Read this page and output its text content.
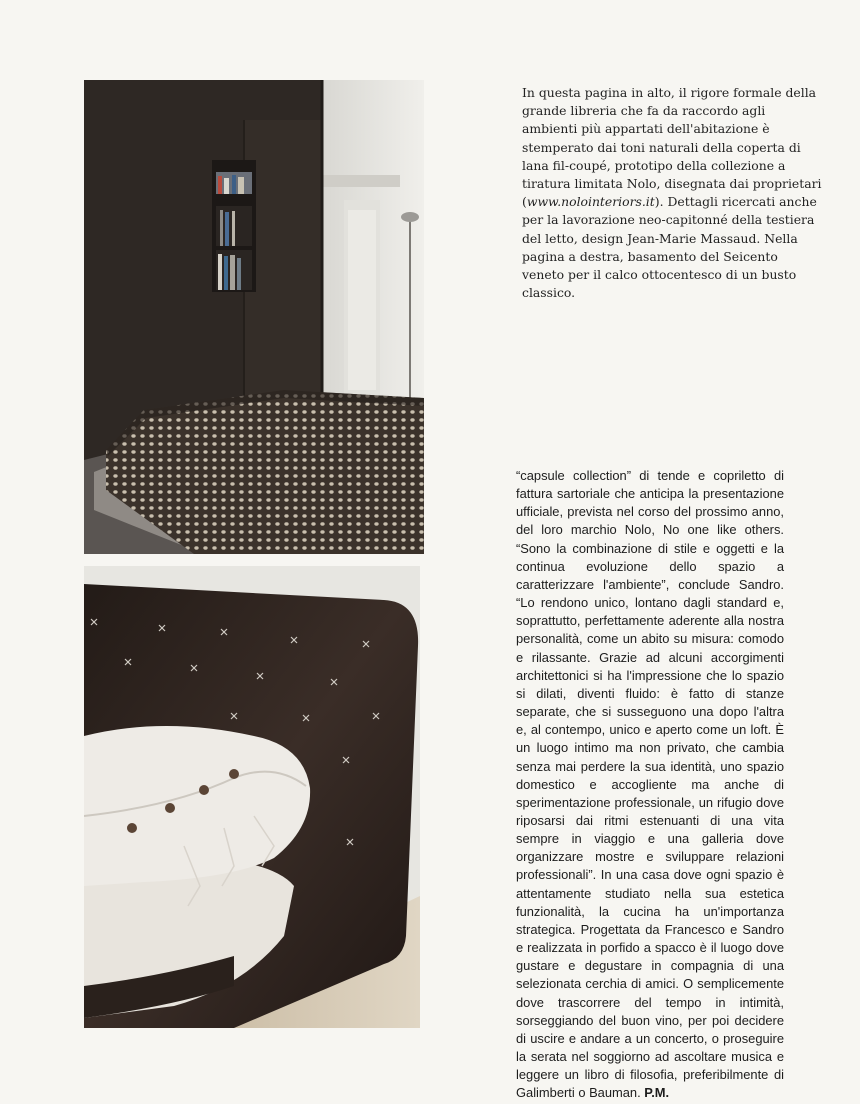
In questa pagina in alto, il rigore formale della grande libreria che fa da raccordo agli ambienti più appartati dell'abitazione è stemperato dai toni naturali della coperta di lana fil-coupé, prototipo della collezione a tiratura limitata Nolo, disegnata dai proprietari (www.nolointeriors.it). Dettagli ricercati anche per la lavorazione neo-capitonné della testiera del letto, design Jean-Marie Massaud. Nella pagina a destra, basamento del Seicento veneto per il calco ottocentesco di un busto classico.

“capsule collection” di tende e copriletto di fattura sartoriale che anticipa la presentazione ufficiale, prevista nel corso del prossimo anno, del loro marchio Nolo, No one like others. “Sono la combinazione di stile e oggetti e la continua evoluzione dello spazio a caratterizzare l'ambiente”, conclude Sandro. “Lo rendono unico, lontano dagli standard e, soprattutto, perfettamente aderente alla nostra personalità, come un abito su misura: comodo e rilassante. Grazie ad alcuni accorgimenti architettonici si ha l'impressione che lo spazio si dilati, diventi fluido: è fatto di stanze separate, che si susseguono una dopo l'altra e, al contempo, unico e aperto come un loft. È un luogo intimo ma non privato, che cambia senza mai perdere la sua identità, uno spazio domestico e accogliente ma anche di sperimentazione professionale, un rifugio dove riposarsi dai ritmi estenuanti di una vita sempre in viaggio e una galleria dove organizzare mostre e sviluppare relazioni professionali”. In una casa dove ogni spazio è attentamente studiato nella sua estetica funzionalità, la cucina ha un'importanza strategica. Progettata da Francesco e Sandro e realizzata in porfido a spacco è il luogo dove gustare e degustare in compagnia di una selezionata cerchia di amici. O semplicemente dove trascorrere del tempo in intimità, sorseggiando del buon vino, per poi decidere di uscire e andare a un concerto, o proseguire la serata nel soggiorno ad ascoltare musica e leggere un libro di filosofia, preferibilmente di Galimberti o Bauman. P.M.
